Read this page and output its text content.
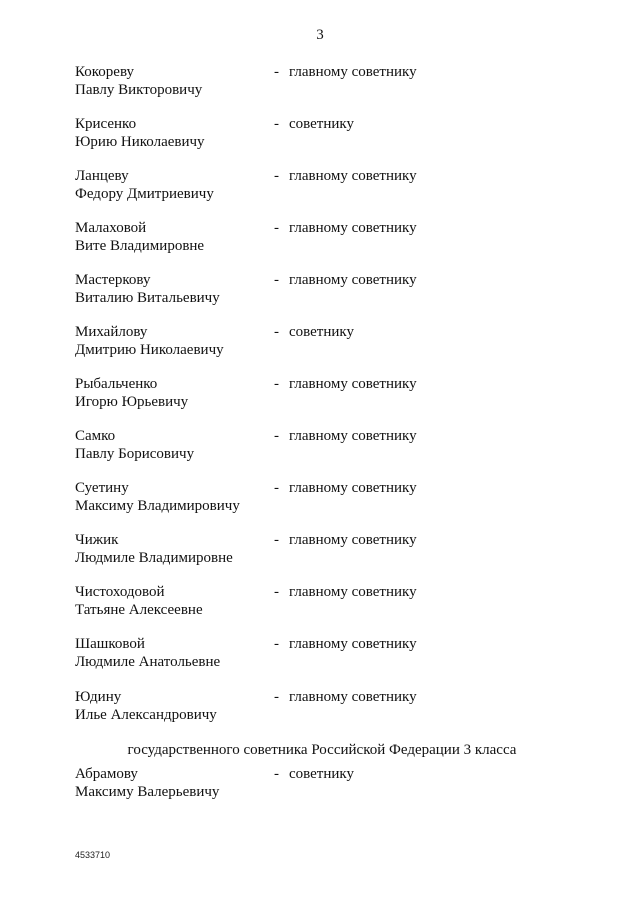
3
Кокореву
Павлу Викторовичу
- главному советнику
Крисенко
Юрию Николаевичу
- советнику
Ланцеву
Федору Дмитриевичу
- главному советнику
Малаховой
Вите Владимировне
- главному советнику
Мастеркову
Виталию Витальевичу
- главному советнику
Михайлову
Дмитрию Николаевичу
- советнику
Рыбальченко
Игорю Юрьевичу
- главному советнику
Самко
Павлу Борисовичу
- главному советнику
Суетину
Максиму Владимировичу
- главному советнику
Чижик
Людмиле Владимировне
- главному советнику
Чистоходовой
Татьяне Алексеевне
- главному советнику
Шашковой
Людмиле Анатольевне
- главному советнику
Юдину
Илье Александровичу
- главному советнику
государственного советника Российской Федерации 3 класса
Абрамову
Максиму Валерьевичу
- советнику
4533710
